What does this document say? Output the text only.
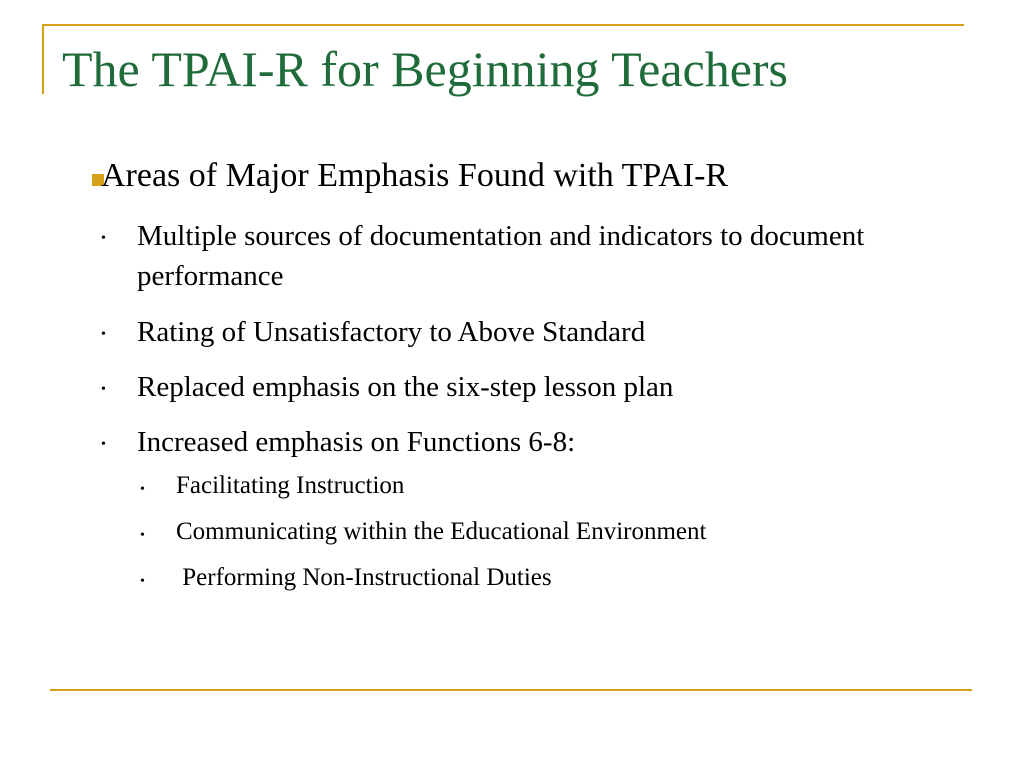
The TPAI-R for Beginning Teachers
Areas of Major Emphasis Found with TPAI-R
• Multiple sources of documentation and indicators to document performance
• Rating of Unsatisfactory to Above Standard
• Replaced emphasis on the six-step lesson plan
• Increased emphasis on Functions 6-8:
• Facilitating Instruction
• Communicating within the Educational Environment
• Performing Non-Instructional Duties
